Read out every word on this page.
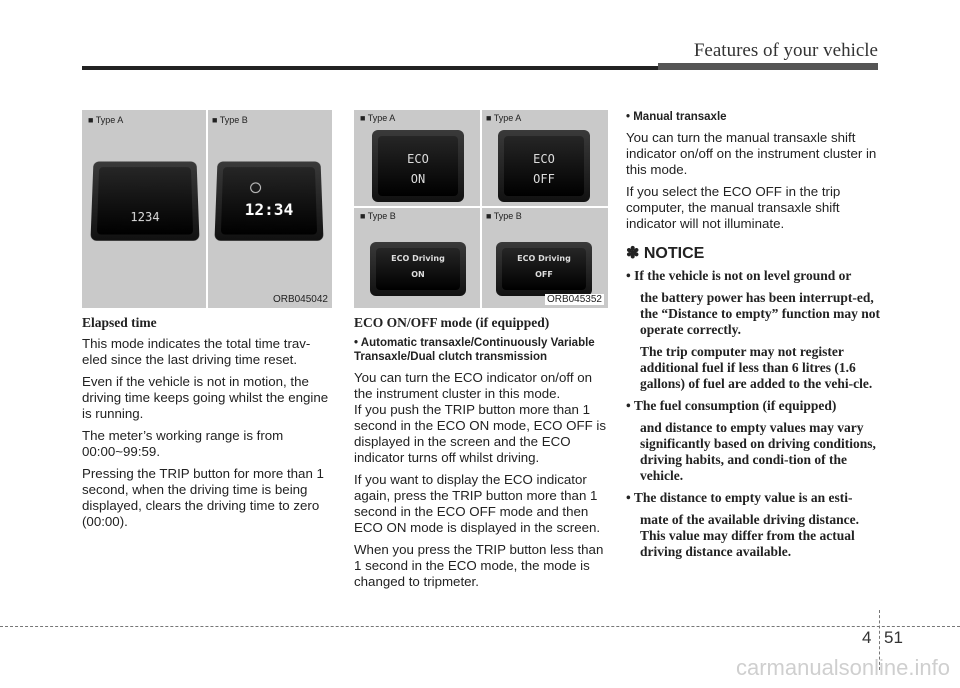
Features of your vehicle
■ Type A	■ Type B
1234	12:34
ORB045042
■ Type A	■ Type A
ECO
ON
ECO
OFF
■ Type B	■ Type B
ECO Driving
ON
ECO Driving
OFF
ORB045352

Elapsed time

This mode indicates the total time trav-eled since the last driving time reset.

Even if the vehicle is not in motion, the driving time keeps going whilst the engine is running.

The meter’s working range is from 00:00~99:59.

Pressing the TRIP button for more than 1 second, when the driving time is being displayed, clears the driving time to zero (00:00).

ECO ON/OFF mode (if equipped)

• Automatic transaxle/Continuously Variable Transaxle/Dual clutch transmission

You can turn the ECO indicator on/off on the instrument cluster in this mode.

If you push the TRIP button more than 1 second in the ECO ON mode, ECO OFF is displayed in the screen and the ECO indicator turns off whilst driving.

If you want to display the ECO indicator again, press the TRIP button more than 1 second in the ECO OFF mode and then ECO ON mode is displayed in the screen.

When you press the TRIP button less than 1 second in the ECO mode, the mode is changed to tripmeter.

• Manual transaxle

You can turn the manual transaxle shift indicator on/off on the instrument cluster in this mode.

If you select the ECO OFF in the trip computer, the manual transaxle shift indicator will not illuminate.

✽ NOTICE

• If the vehicle is not on level ground or

the battery power has been interrupt-ed, the “Distance to empty” function may not operate correctly.

The trip computer may not register additional fuel if less than 6 litres (1.6 gallons) of fuel are added to the vehi-cle.

• The fuel consumption (if equipped)

and distance to empty values may vary significantly based on driving conditions, driving habits, and condi-tion of the vehicle.

• The distance to empty value is an esti-

mate of the available driving distance. This value may differ from the actual driving distance available.

4 51
carmanualsonline.info
